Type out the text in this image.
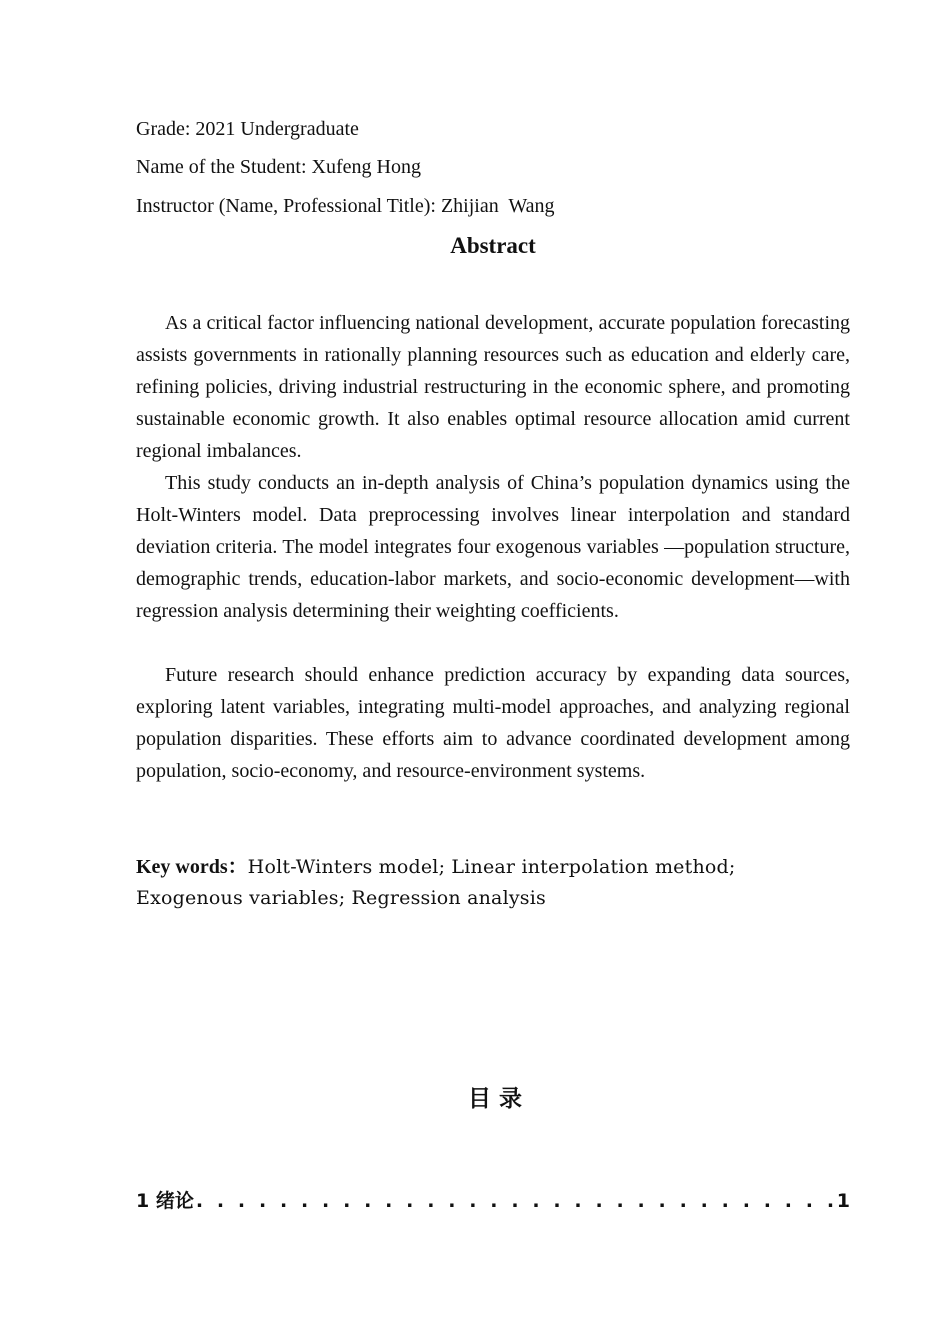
Grade: 2021 Undergraduate
Name of the Student: Xufeng Hong
Instructor (Name, Professional Title): Zhijian  Wang
Abstract

As a critical factor influencing national development, accurate population forecasting assists governments in rationally planning resources such as education and elderly care, refining policies, driving industrial restructuring in the economic sphere, and promoting sustainable economic growth. It also enables optimal resource allocation amid current regional imbalances.

This study conducts an in-depth analysis of China’s population dynamics using the Holt-Winters model. Data preprocessing involves linear interpolation and standard deviation criteria. The model integrates four exogenous variables —population structure, demographic trends, education-labor markets, and socio-economic development—with regression analysis determining their weighting coefficients.

Future research should enhance prediction accuracy by expanding data sources, exploring latent variables, integrating multi-model approaches, and analyzing regional population disparities. These efforts aim to advance coordinated development among population, socio-economy, and resource-environment systems.

Key words：Holt-Winters model; Linear interpolation method;
Exogenous variables; Regression analysis

目 录
1 绪论
. . .	1
